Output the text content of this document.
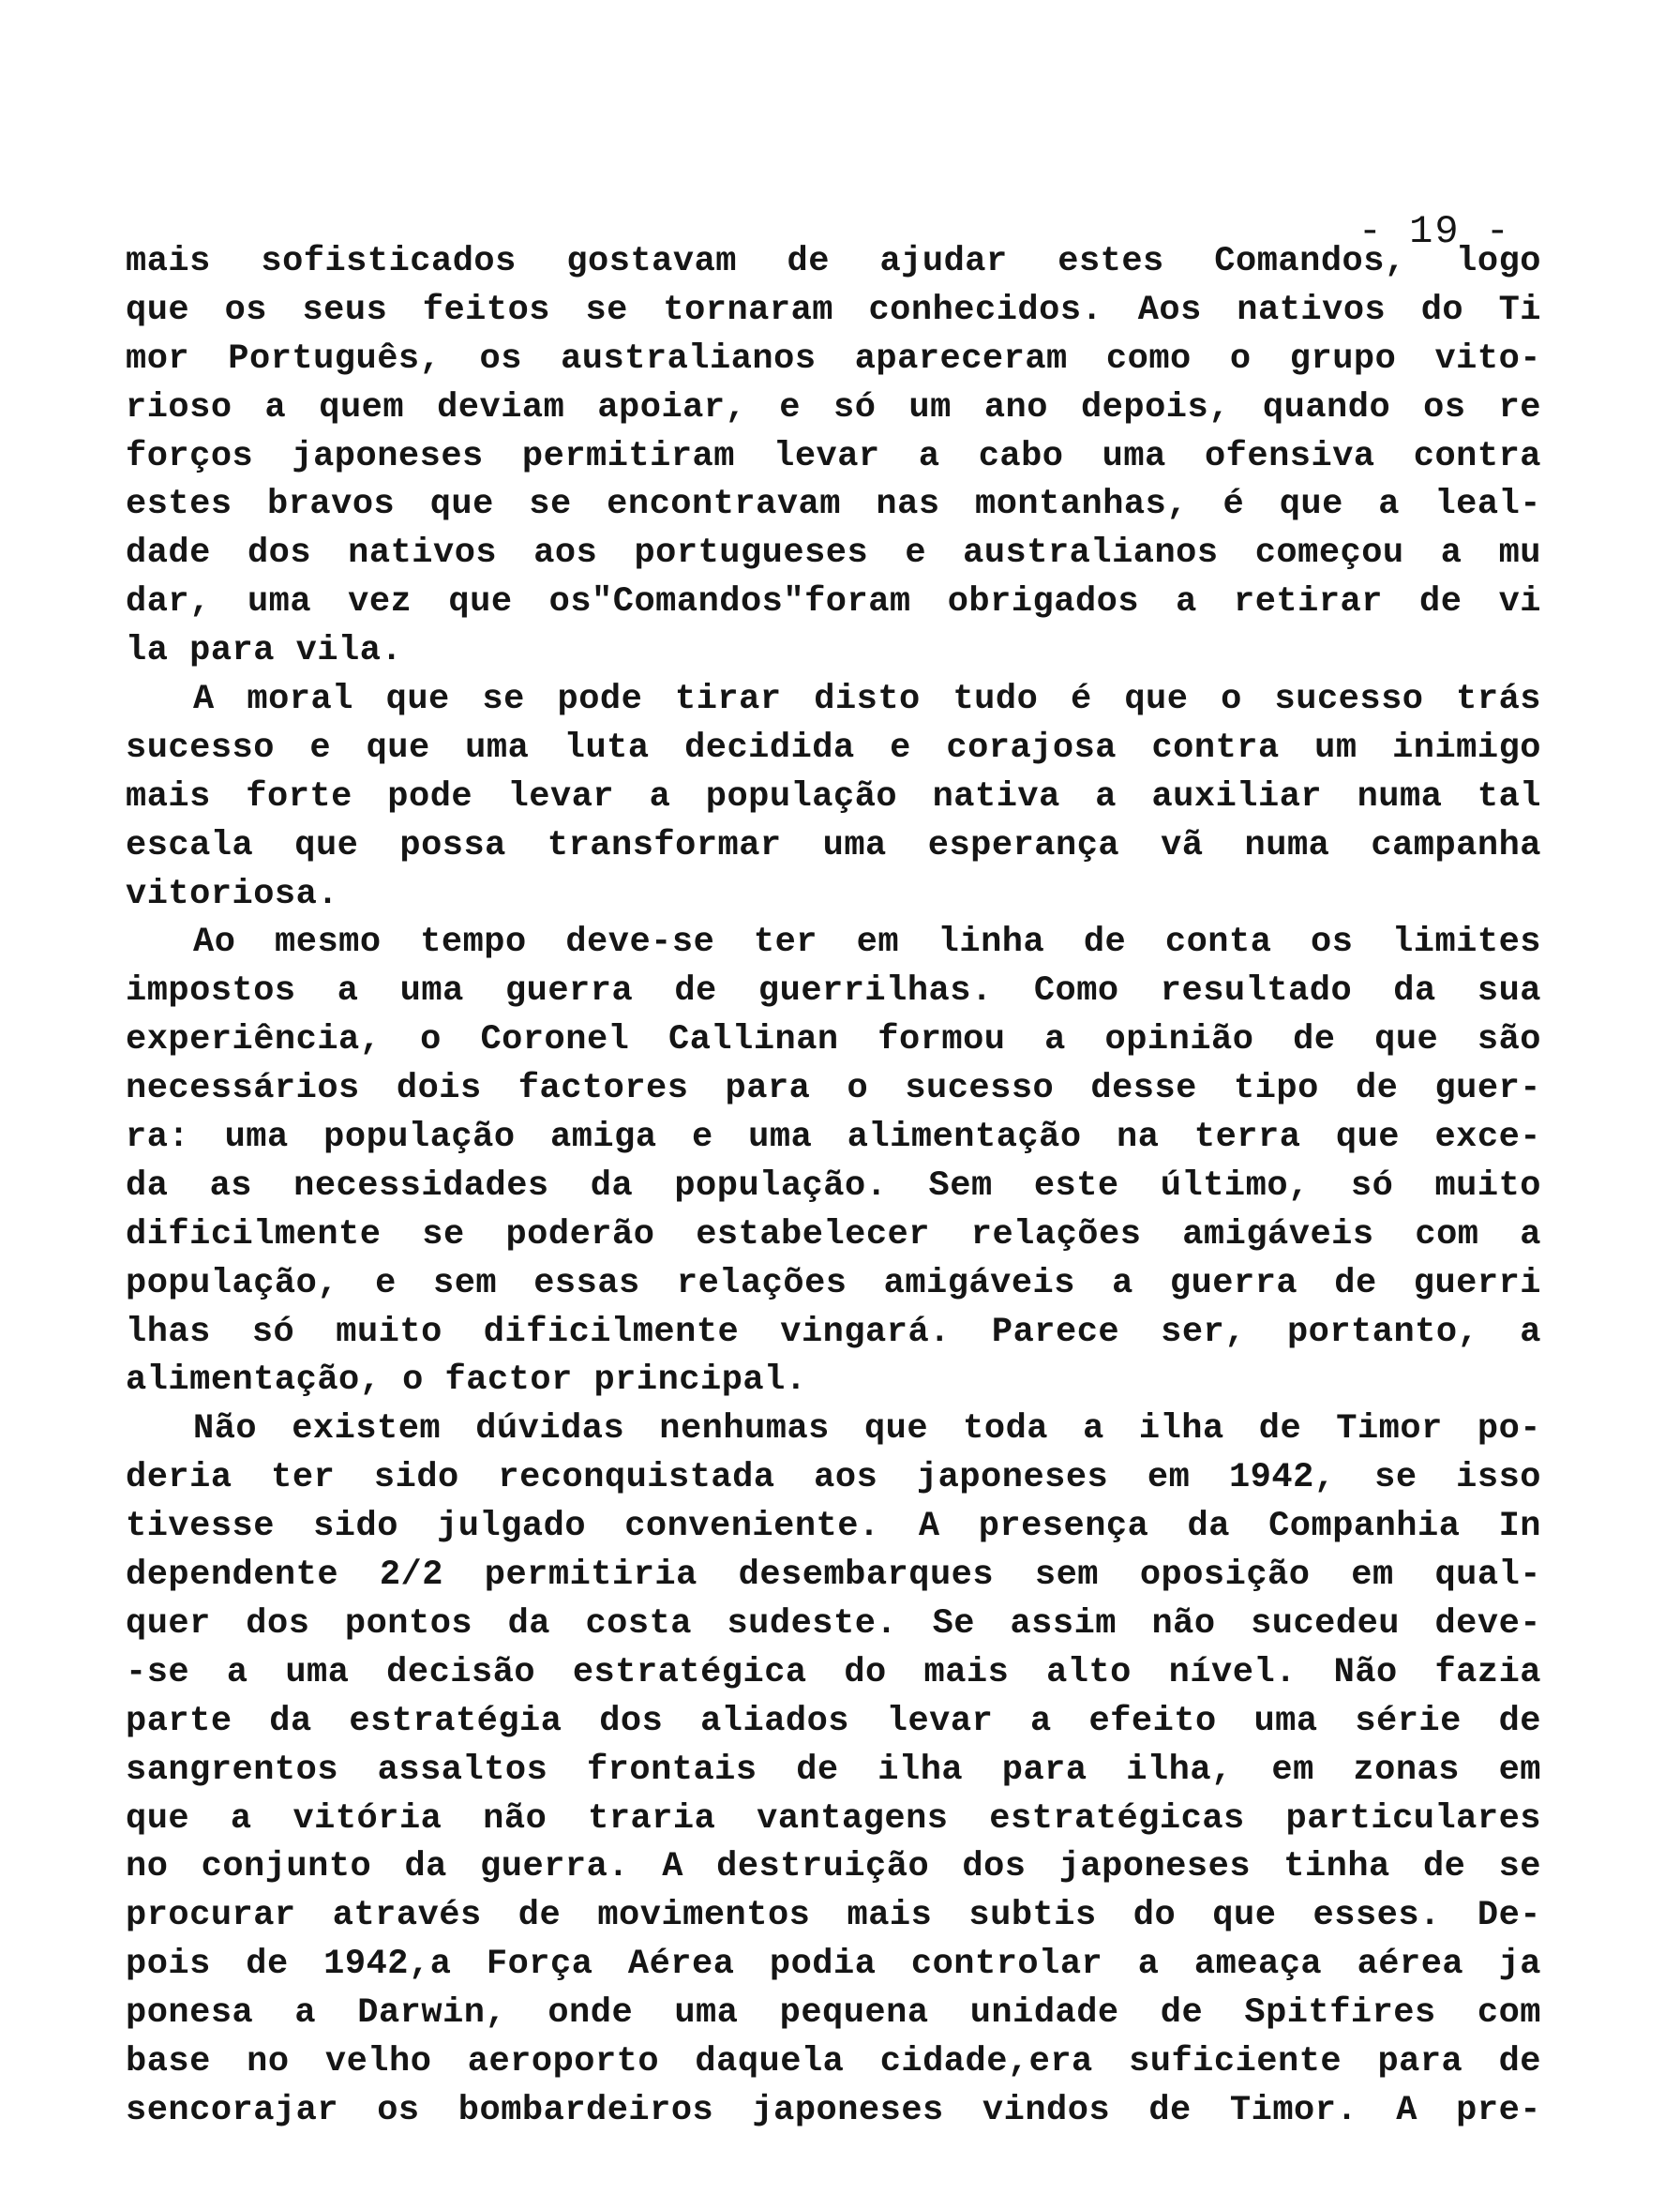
- 19 -
mais sofisticados gostavam de ajudar estes Comandos, logo
que os seus feitos se tornaram conhecidos. Aos nativos do Ti
mor Português, os australianos apareceram como o grupo vito-
rioso a quem deviam apoiar, e só um ano depois, quando os re
forços japoneses permitiram levar a cabo uma ofensiva contra
estes bravos que se encontravam nas montanhas, é que a leal-
dade dos nativos aos portugueses e australianos começou a mu
dar, uma vez que os"Comandos"foram obrigados a retirar de vi
la para vila.
A moral que se pode tirar disto tudo é que o sucesso trás
sucesso e que uma luta decidida e corajosa contra um inimigo
mais forte pode levar a população nativa a auxiliar numa tal
escala que possa transformar uma esperança vã numa campanha
vitoriosa.
Ao mesmo tempo deve-se ter em linha de conta os limites
impostos a uma guerra de guerrilhas. Como resultado da sua
experiência, o Coronel Callinan formou a opinião de que são
necessários dois factores para o sucesso desse tipo de guer-
ra: uma população amiga e uma alimentação na terra que exce-
da as necessidades da população. Sem este último, só muito
dificilmente se poderão estabelecer relações amigáveis com a
população, e sem essas relações amigáveis a guerra de guerri
lhas só muito dificilmente vingará. Parece ser, portanto, a
alimentação, o factor principal.
Não existem dúvidas nenhumas que toda a ilha de Timor po-
deria ter sido reconquistada aos japoneses em 1942, se isso
tivesse sido julgado conveniente. A presença da Companhia In
dependente 2/2 permitiria desembarques sem oposição em qual-
quer dos pontos da costa sudeste. Se assim não sucedeu deve-
-se a uma decisão estratégica do mais alto nível. Não fazia
parte da estratégia dos aliados levar a efeito uma série de
sangrentos assaltos frontais de ilha para ilha, em zonas em
que a vitória não traria vantagens estratégicas particulares
no conjunto da guerra. A destruição dos japoneses tinha de se
procurar através de movimentos mais subtis do que esses. De-
pois de 1942,a Força Aérea podia controlar a ameaça aérea ja
ponesa a Darwin, onde uma pequena unidade de Spitfires com
base no velho aeroporto daquela cidade,era suficiente para de
sencorajar os bombardeiros japoneses vindos de Timor. A pre-
